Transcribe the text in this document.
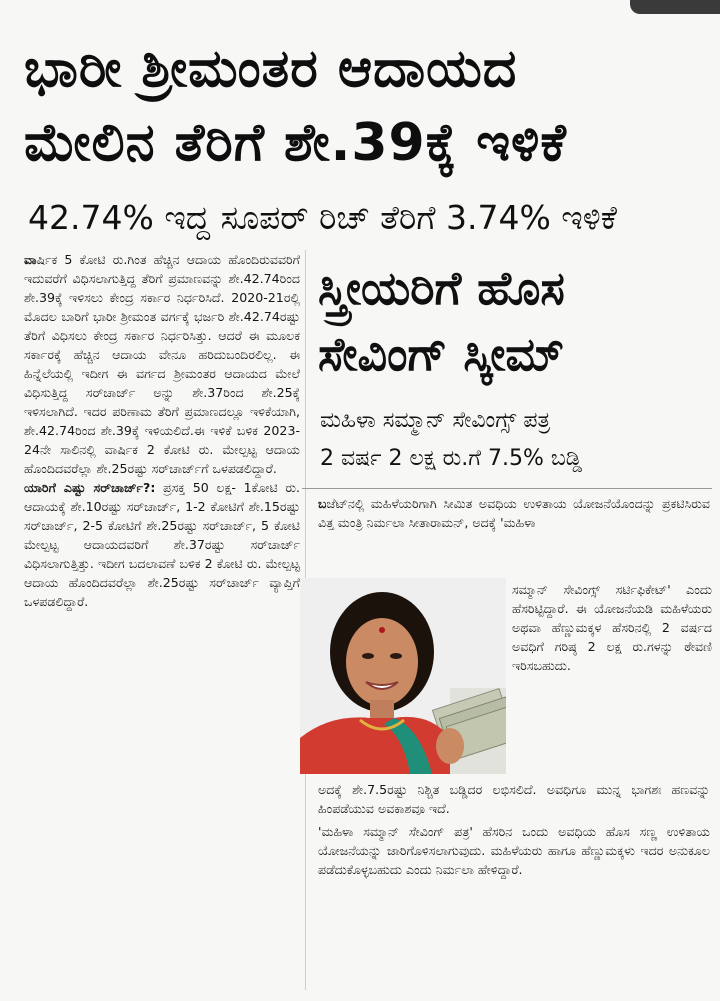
ಭಾರೀ ಶ್ರೀಮಂತರ ಆದಾಯದ
ಮೇಲಿನ ತೆರಿಗೆ ಶೇ.39ಕ್ಕೆ ಇಳಿಕೆ
42.74% ಇದ್ದ ಸೂಪರ್ ರಿಚ್ ತೆರಿಗೆ 3.74% ಇಳಿಕೆ

ವಾರ್ಷಿಕ 5 ಕೋಟಿ ರು.ಗಿಂತ ಹೆಚ್ಚಿನ ಆದಾಯ ಹೊಂದಿರುವವರಿಗೆ ಇದುವರೆಗೆ ವಿಧಿಸಲಾಗುತ್ತಿದ್ದ ತೆರಿಗೆ ಪ್ರಮಾಣವನ್ನು ಶೇ.42.74ರಿಂದ ಶೇ.39ಕ್ಕೆ ಇಳಿಸಲು ಕೇಂದ್ರ ಸರ್ಕಾರ ನಿರ್ಧರಿಸಿದೆ. 2020-21ರಲ್ಲಿ ಮೊದಲ ಬಾರಿಗೆ ಭಾರೀ ಶ್ರೀಮಂತ ವರ್ಗಕ್ಕೆ ಭರ್ಜರಿ ಶೇ.42.74ರಷ್ಟು ತೆರಿಗೆ ವಿಧಿಸಲು ಕೇಂದ್ರ ಸರ್ಕಾರ ನಿರ್ಧರಿಸಿತ್ತು. ಆದರೆ ಈ ಮೂಲಕ ಸರ್ಕಾರಕ್ಕೆ ಹೆಚ್ಚಿನ ಆದಾಯ ವೇನೂ ಹರಿದುಬಂದಿರಲಿಲ್ಲ. ಈ ಹಿನ್ನೆಲೆಯಲ್ಲಿ ಇದೀಗ ಈ ವರ್ಗದ ಶ್ರೀಮಂತರ ಆದಾಯದ ಮೇಲೆ ವಿಧಿಸುತ್ತಿದ್ದ ಸರ್‌ಚಾರ್ಜ್ ಅನ್ನು ಶೇ.37ರಿಂದ ಶೇ.25ಕ್ಕೆ ಇಳಿಸಲಾಗಿದೆ. ಇದರ ಪರಿಣಾಮ ತೆರಿಗೆ ಪ್ರಮಾಣದಲ್ಲೂ ಇಳಿಕೆಯಾಗಿ, ಶೇ.42.74ರಿಂದ ಶೇ.39ಕ್ಕೆ ಇಳಿಯಲಿದೆ.ಈ ಇಳಿಕೆ ಬಳಿಕ 2023-24ನೇ ಸಾಲಿನಲ್ಲಿ ವಾರ್ಷಿಕ 2 ಕೋಟಿ ರು. ಮೇಲ್ಪಟ್ಟ ಆದಾಯ ಹೊಂದಿದವರೆಲ್ಲಾ ಶೇ.25ರಷ್ಟು ಸರ್‌ಚಾರ್ಜ್‌ಗೆ ಒಳಪಡಲಿದ್ದಾರೆ.

ಯಾರಿಗೆ ಎಷ್ಟು ಸರ್‌ಚಾರ್ಜ್?: ಪ್ರಸಕ್ತ 50 ಲಕ್ಷ- 1ಕೋಟಿ ರು. ಆದಾಯಕ್ಕೆ ಶೇ.10ರಷ್ಟು ಸರ್‌ಚಾರ್ಜ್, 1-2 ಕೋಟಿಗೆ ಶೇ.15ರಷ್ಟು ಸರ್‌ಚಾರ್ಜ್, 2-5 ಕೋಟಿಗೆ ಶೇ.25ರಷ್ಟು ಸರ್‌ಚಾರ್ಜ್, 5 ಕೋಟಿ ಮೇಲ್ಪಟ್ಟ ಆದಾಯದವರಿಗೆ ಶೇ.37ರಷ್ಟು ಸರ್‌ಚಾರ್ಜ್ ವಿಧಿಸಲಾಗುತ್ತಿತ್ತು. ಇದೀಗ ಬದಲಾವಣೆ ಬಳಿಕ 2 ಕೋಟಿ ರು. ಮೇಲ್ಪಟ್ಟ ಆದಾಯ ಹೊಂದಿದವರೆಲ್ಲಾ ಶೇ.25ರಷ್ಟು ಸರ್‌ಚಾರ್ಜ್ ವ್ಯಾಪ್ತಿಗೆ ಒಳಪಡಲಿದ್ದಾರೆ.

ಸ್ತ್ರೀಯರಿಗೆ ಹೊಸ
ಸೇವಿಂಗ್ ಸ್ಕೀಮ್
ಮಹಿಳಾ ಸಮ್ಮಾನ್ ಸೇವಿಂಗ್ಸ್ ಪತ್ರ
2 ವರ್ಷ 2 ಲಕ್ಷ ರು.ಗೆ 7.5% ಬಡ್ಡಿ

ಬಜೆಟ್‌ನಲ್ಲಿ ಮಹಿಳೆಯರಿಗಾಗಿ ಸೀಮಿತ ಅವಧಿಯ ಉಳಿತಾಯ ಯೋಜನೆಯೊಂದನ್ನು ಪ್ರಕಟಿಸಿರುವ ವಿತ್ತ ಮಂತ್ರಿ ನಿರ್ಮಲಾ ಸೀತಾರಾಮನ್, ಅದಕ್ಕೆ 'ಮಹಿಳಾ

ಸಮ್ಮಾನ್ ಸೇವಿಂಗ್ಸ್ ಸರ್ಟಿಫಿಕೇಟ್' ಎಂದು ಹೆಸರಿಟ್ಟಿದ್ದಾರೆ. ಈ ಯೋಜನೆಯಡಿ ಮಹಿಳೆಯರು ಅಥವಾ ಹೆಣ್ಣುಮಕ್ಕಳ ಹೆಸರಿನಲ್ಲಿ 2 ವರ್ಷದ ಅವಧಿಗೆ ಗರಿಷ್ಠ 2 ಲಕ್ಷ ರು.ಗಳನ್ನು ಠೇವಣಿ ಇರಿಸಬಹುದು.

ಅದಕ್ಕೆ ಶೇ.7.5ರಷ್ಟು ನಿಶ್ಚಿತ ಬಡ್ಡಿದರ ಲಭಿಸಲಿದೆ. ಅವಧಿಗೂ ಮುನ್ನ ಭಾಗಶಃ ಹಣವನ್ನು ಹಿಂಪಡೆಯುವ ಅವಕಾಶವೂ ಇದೆ.

'ಮಹಿಳಾ ಸಮ್ಮಾನ್ ಸೇವಿಂಗ್ ಪತ್ರ' ಹೆಸರಿನ ಒಂದು ಅವಧಿಯ ಹೊಸ ಸಣ್ಣ ಉಳಿತಾಯ ಯೋಜನೆಯನ್ನು ಜಾರಿಗೊಳಿಸಲಾಗುವುದು. ಮಹಿಳೆಯರು ಹಾಗೂ ಹೆಣ್ಣುಮಕ್ಕಳು ಇದರ ಅನುಕೂಲ ಪಡೆದುಕೊಳ್ಳಬಹುದು ಎಂದು ನಿರ್ಮಲಾ ಹೇಳಿದ್ದಾರೆ.
